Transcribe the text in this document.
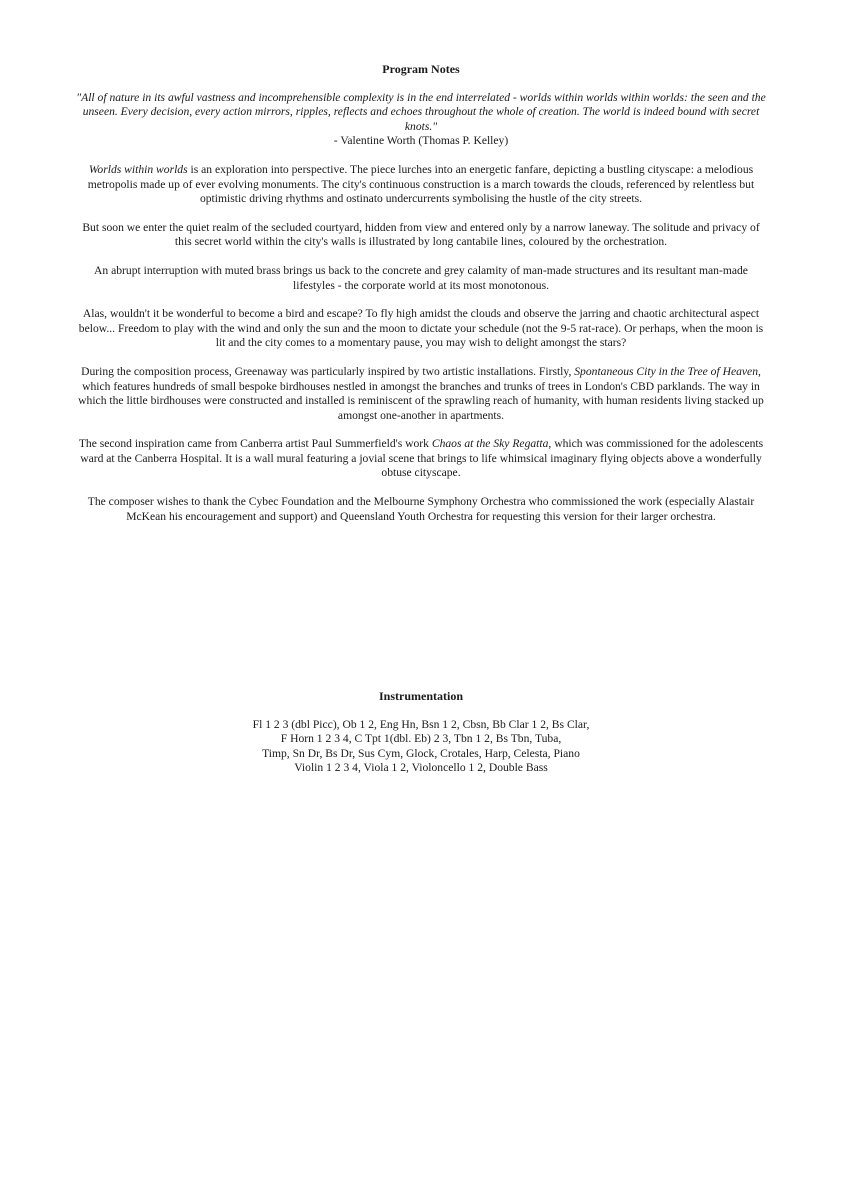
Program Notes

"All of nature in its awful vastness and incomprehensible complexity is in the end interrelated - worlds within worlds within worlds: the seen and the unseen. Every decision, every action mirrors, ripples, reflects and echoes throughout the whole of creation. The world is indeed bound with secret knots."

- Valentine Worth (Thomas P. Kelley)

Worlds within worlds is an exploration into perspective. The piece lurches into an energetic fanfare, depicting a bustling cityscape: a melodious metropolis made up of ever evolving monuments. The city's continuous construction is a march towards the clouds, referenced by relentless but optimistic driving rhythms and ostinato undercurrents symbolising the hustle of the city streets.

But soon we enter the quiet realm of the secluded courtyard, hidden from view and entered only by a narrow laneway. The solitude and privacy of this secret world within the city's walls is illustrated by long cantabile lines, coloured by the orchestration.

An abrupt interruption with muted brass brings us back to the concrete and grey calamity of man-made structures and its resultant man-made lifestyles - the corporate world at its most monotonous.

Alas, wouldn't it be wonderful to become a bird and escape? To fly high amidst the clouds and observe the jarring and chaotic architectural aspect below... Freedom to play with the wind and only the sun and the moon to dictate your schedule (not the 9-5 rat-race). Or perhaps, when the moon is lit and the city comes to a momentary pause, you may wish to delight amongst the stars?

During the composition process, Greenaway was particularly inspired by two artistic installations. Firstly, Spontaneous City in the Tree of Heaven, which features hundreds of small bespoke birdhouses nestled in amongst the branches and trunks of trees in London's CBD parklands. The way in which the little birdhouses were constructed and installed is reminiscent of the sprawling reach of humanity, with human residents living stacked up amongst one-another in apartments.

The second inspiration came from Canberra artist Paul Summerfield's work Chaos at the Sky Regatta, which was commissioned for the adolescents ward at the Canberra Hospital. It is a wall mural featuring a jovial scene that brings to life whimsical imaginary flying objects above a wonderfully obtuse cityscape.

The composer wishes to thank the Cybec Foundation and the Melbourne Symphony Orchestra who commissioned the work (especially Alastair McKean his encouragement and support) and Queensland Youth Orchestra for requesting this version for their larger orchestra.

Instrumentation

Fl 1 2 3 (dbl Picc), Ob 1 2, Eng Hn, Bsn 1 2, Cbsn, Bb Clar 1 2, Bs Clar,
F Horn 1 2 3 4, C Tpt 1(dbl. Eb) 2 3, Tbn 1 2, Bs Tbn, Tuba,
Timp, Sn Dr, Bs Dr, Sus Cym, Glock, Crotales, Harp, Celesta, Piano
Violin 1 2 3 4, Viola 1 2, Violoncello 1 2, Double Bass
